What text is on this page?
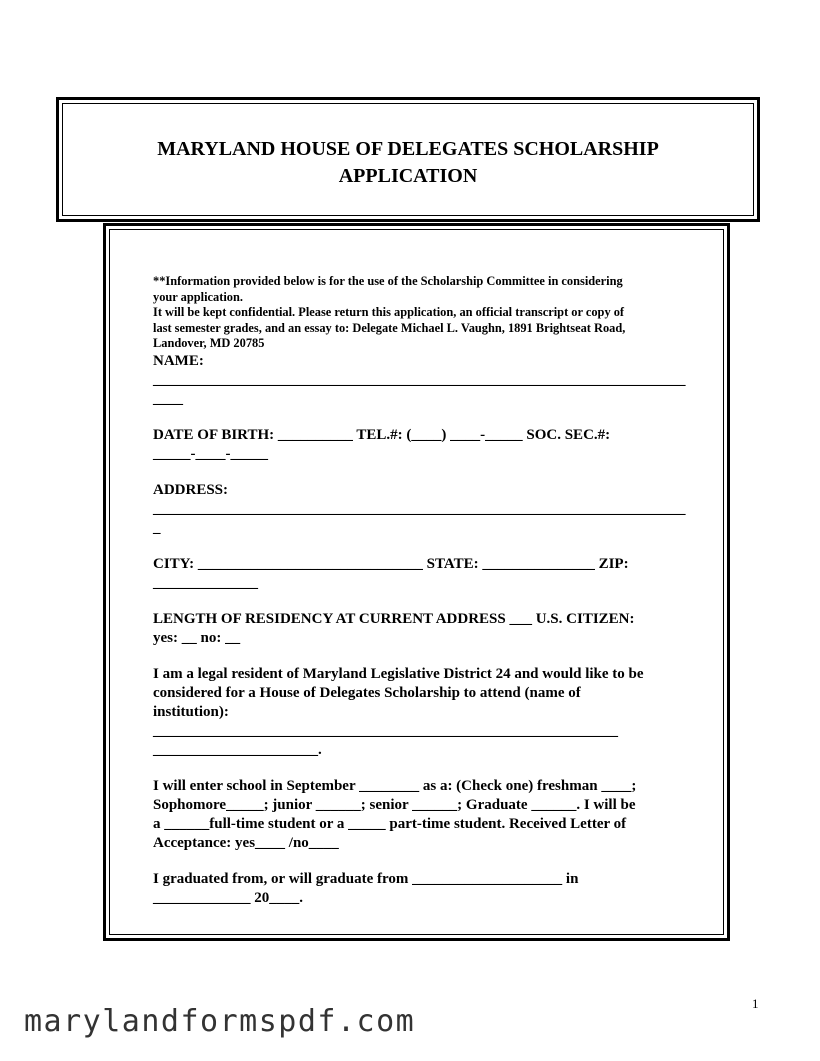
MARYLAND HOUSE OF DELEGATES SCHOLARSHIP
APPLICATION

**Information provided below is for the use of the Scholarship Committee in considering

your application.

It will be kept confidential. Please return this application, an official transcript or copy of

last semester grades, and an essay to: Delegate Michael L. Vaughn, 1891 Brightseat Road,

Landover, MD 20785

NAME:

_______________________________________________________________________
____

DATE OF BIRTH: __________ TEL.#: (____) ____-_____ SOC. SEC.#:
_____-____-_____

ADDRESS:

_______________________________________________________________________
_

CITY: ______________________________ STATE: _______________ ZIP:
______________

LENGTH OF RESIDENCY AT CURRENT ADDRESS ___ U.S. CITIZEN:
yes: __ no: __

I am a legal resident of Maryland Legislative District 24 and would like to be
considered for a House of Delegates Scholarship to attend (name of
institution): ______________________________________________________________
______________________.

I will enter school in September ________ as a: (Check one) freshman ____;
Sophomore_____; junior ______; senior ______; Graduate ______. I will be
a ______full-time student or a _____ part-time student. Received Letter of
Acceptance: yes____ /no____

I graduated from, or will graduate from ____________________ in
_____________ 20____.

1
marylandformspdf.com
